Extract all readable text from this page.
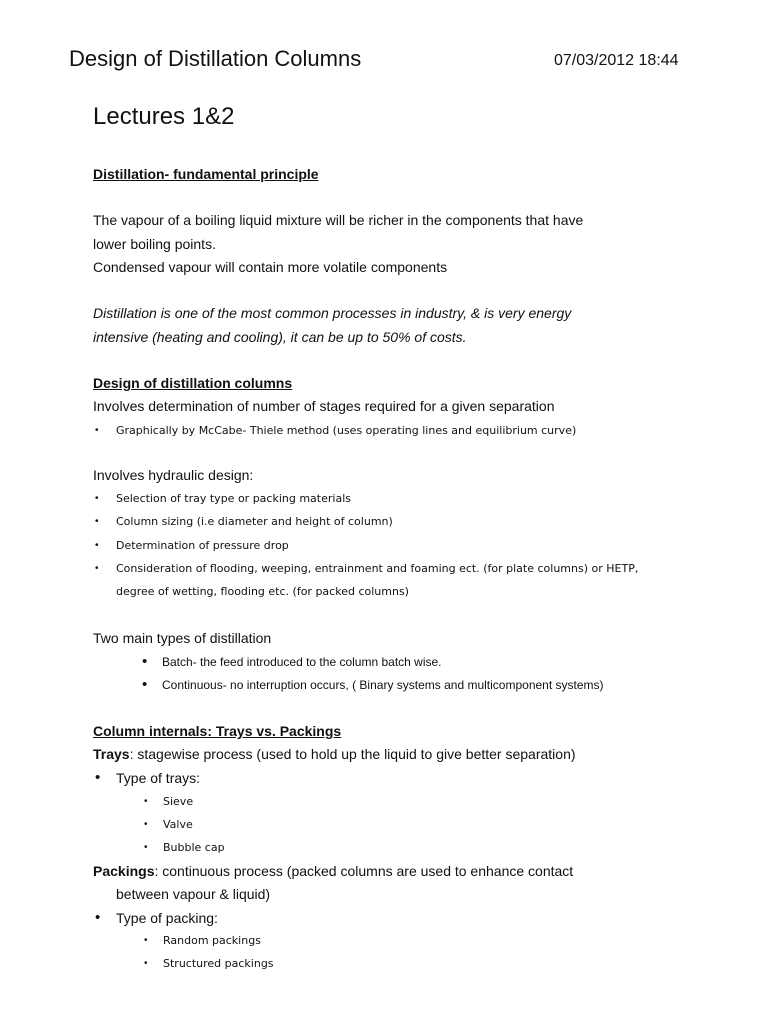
Design of Distillation Columns	07/03/2012 18:44
Lectures 1&2
Distillation- fundamental principle
The vapour of a boiling liquid mixture will be richer in the components that have
lower boiling points.
Condensed vapour will contain more volatile components
Distillation is one of the most common processes in industry, & is very energy
intensive (heating and cooling), it can be up to 50% of costs.
Design of distillation columns
Involves determination of number of stages required for a given separation
• Graphically by McCabe- Thiele method (uses operating lines and equilibrium curve)
Involves hydraulic design:
• Selection of tray type or packing materials
• Column sizing (i.e diameter and height of column)
• Determination of pressure drop
• Consideration of flooding, weeping, entrainment and foaming ect. (for plate columns) or HETP,
degree of wetting, flooding etc. (for packed columns)
Two main types of distillation
• Batch- the feed introduced to the column batch wise.
• Continuous- no interruption occurs, ( Binary systems and multicomponent systems)
Column internals: Trays vs. Packings
Trays: stagewise process (used to hold up the liquid to give better separation)
• Type of trays:
• Sieve
• Valve
• Bubble cap
Packings: continuous process (packed columns are used to enhance contact
between vapour & liquid)
• Type of packing:
• Random packings
• Structured packings
